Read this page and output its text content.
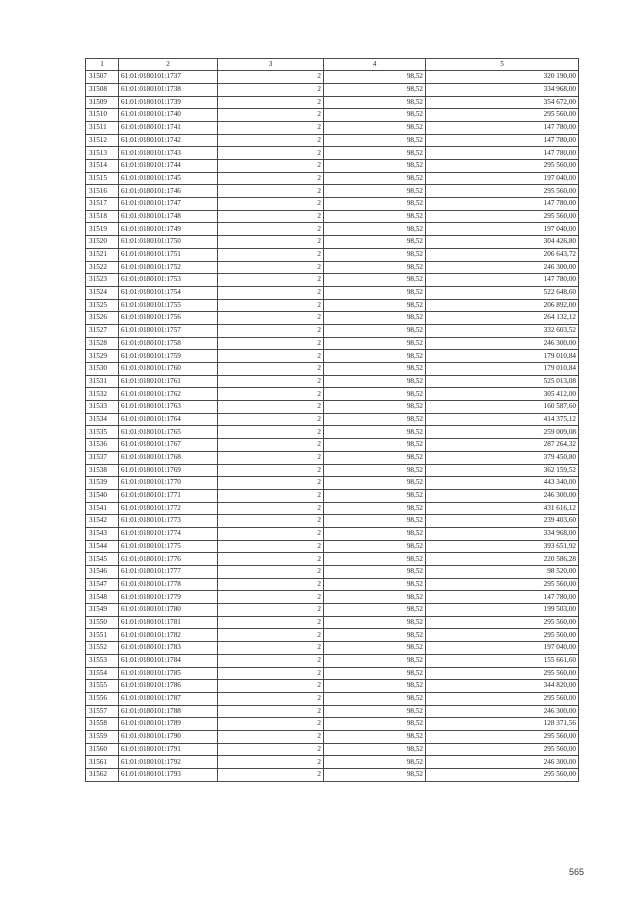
1	2	3	4	5
31507	61:01:0180101:1737	2	98,52	320 190,00
31508	61:01:0180101:1738	2	98,52	334 968,00
31509	61:01:0180101:1739	2	98,52	354 672,00
31510	61:01:0180101:1740	2	98,52	295 560,00
31511	61:01:0180101:1741	2	98,52	147 780,00
31512	61:01:0180101:1742	2	98,52	147 780,00
31513	61:01:0180101:1743	2	98,52	147 780,00
31514	61:01:0180101:1744	2	98,52	295 560,00
31515	61:01:0180101:1745	2	98,52	197 040,00
31516	61:01:0180101:1746	2	98,52	295 560,00
31517	61:01:0180101:1747	2	98,52	147 780,00
31518	61:01:0180101:1748	2	98,52	295 560,00
31519	61:01:0180101:1749	2	98,52	197 040,00
31520	61:01:0180101:1750	2	98,52	304 426,80
31521	61:01:0180101:1751	2	98,52	206 643,72
31522	61:01:0180101:1752	2	98,52	246 300,00
31523	61:01:0180101:1753	2	98,52	147 780,00
31524	61:01:0180101:1754	2	98,52	522 648,60
31525	61:01:0180101:1755	2	98,52	206 892,00
31526	61:01:0180101:1756	2	98,52	264 132,12
31527	61:01:0180101:1757	2	98,52	332 603,52
31528	61:01:0180101:1758	2	98,52	246 300,00
31529	61:01:0180101:1759	2	98,52	179 010,84
31530	61:01:0180101:1760	2	98,52	179 010,84
31531	61:01:0180101:1761	2	98,52	525 013,08
31532	61:01:0180101:1762	2	98,52	305 412,00
31533	61:01:0180101:1763	2	98,52	160 587,60
31534	61:01:0180101:1764	2	98,52	414 375,12
31535	61:01:0180101:1765	2	98,52	259 009,08
31536	61:01:0180101:1767	2	98,52	287 264,32
31537	61:01:0180101:1768	2	98,52	379 450,80
31538	61:01:0180101:1769	2	98,52	362 159,52
31539	61:01:0180101:1770	2	98,52	443 340,00
31540	61:01:0180101:1771	2	98,52	246 300,00
31541	61:01:0180101:1772	2	98,52	431 616,12
31542	61:01:0180101:1773	2	98,52	239 403,60
31543	61:01:0180101:1774	2	98,52	334 968,00
31544	61:01:0180101:1775	2	98,52	393 651,92
31545	61:01:0180101:1776	2	98,52	220 586,28
31546	61:01:0180101:1777	2	98,52	98 520,00
31547	61:01:0180101:1778	2	98,52	295 560,00
31548	61:01:0180101:1779	2	98,52	147 780,00
31549	61:01:0180101:1780	2	98,52	199 503,00
31550	61:01:0180101:1781	2	98,52	295 560,00
31551	61:01:0180101:1782	2	98,52	295 560,00
31552	61:01:0180101:1783	2	98,52	197 040,00
31553	61:01:0180101:1784	2	98,52	155 661,60
31554	61:01:0180101:1785	2	98,52	295 560,00
31555	61:01:0180101:1786	2	98,52	344 820,00
31556	61:01:0180101:1787	2	98,52	295 560,00
31557	61:01:0180101:1788	2	98,52	246 300,00
31558	61:01:0180101:1789	2	98,52	128 371,56
31559	61:01:0180101:1790	2	98,52	295 560,00
31560	61:01:0180101:1791	2	98,52	295 560,00
31561	61:01:0180101:1792	2	98,52	246 300,00
31562	61:01:0180101:1793	2	98,52	295 560,00
565
